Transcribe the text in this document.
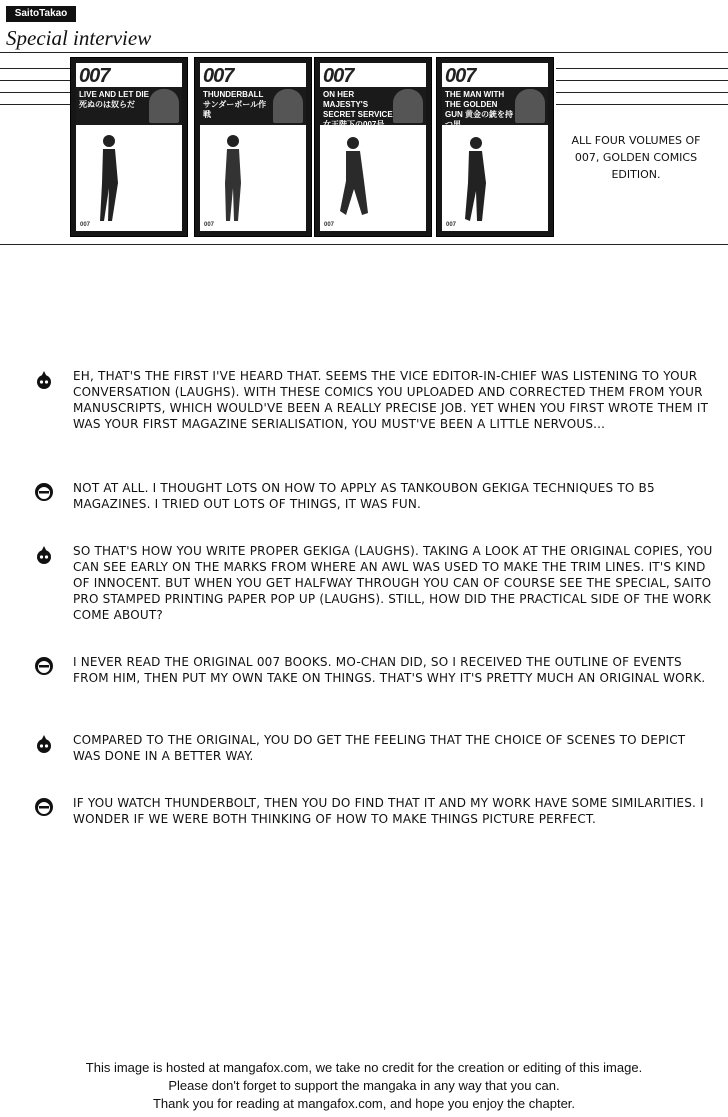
SaitoTakao
Special interview
007
LIVE AND LET DIE 死ぬのは奴らだ
007
007
THUNDERBALL サンダーボール作戦
007
007
ON HER MAJESTY'S SECRET SERVICE 女王陛下の007号
007
007
THE MAN WITH THE GOLDEN GUN 黄金の銃を持つ男
007
ALL FOUR VOLUMES OF 007, GOLDEN COMICS EDITION.
EH, THAT'S THE FIRST I'VE HEARD THAT. SEEMS THE VICE EDITOR-IN-CHIEF WAS LISTENING TO YOUR CONVERSATION (LAUGHS). WITH THESE COMICS YOU UPLOADED AND CORRECTED THEM FROM YOUR MANUSCRIPTS, WHICH WOULD'VE BEEN A REALLY PRECISE JOB. YET WHEN YOU FIRST WROTE THEM IT WAS YOUR FIRST MAGAZINE SERIALISATION, YOU MUST'VE BEEN A LITTLE NERVOUS...
NOT AT ALL. I THOUGHT LOTS ON HOW TO APPLY AS TANKOUBON GEKIGA TECHNIQUES TO B5 MAGAZINES. I TRIED OUT LOTS OF THINGS, IT WAS FUN.
SO THAT'S HOW YOU WRITE PROPER GEKIGA (LAUGHS). TAKING A LOOK AT THE ORIGINAL COPIES, YOU CAN SEE EARLY ON THE MARKS FROM WHERE AN AWL WAS USED TO MAKE THE TRIM LINES. IT'S KIND OF INNOCENT. BUT WHEN YOU GET HALFWAY THROUGH YOU CAN OF COURSE SEE THE SPECIAL, SAITO PRO STAMPED PRINTING PAPER POP UP (LAUGHS). STILL, HOW DID THE PRACTICAL SIDE OF THE WORK COME ABOUT?
I NEVER READ THE ORIGINAL 007 BOOKS. MO-CHAN DID, SO I RECEIVED THE OUTLINE OF EVENTS FROM HIM, THEN PUT MY OWN TAKE ON THINGS. THAT'S WHY IT'S PRETTY MUCH AN ORIGINAL WORK.
COMPARED TO THE ORIGINAL, YOU DO GET THE FEELING THAT THE CHOICE OF SCENES TO DEPICT WAS DONE IN A BETTER WAY.
IF YOU WATCH THUNDERBOLT, THEN YOU DO FIND THAT IT AND MY WORK HAVE SOME SIMILARITIES. I WONDER IF WE WERE BOTH THINKING OF HOW TO MAKE THINGS PICTURE PERFECT.
This image is hosted at mangafox.com, we take no credit for the creation or editing of this image.
Please don't forget to support the mangaka in any way that you can.
Thank you for reading at mangafox.com, and hope you enjoy the chapter.
